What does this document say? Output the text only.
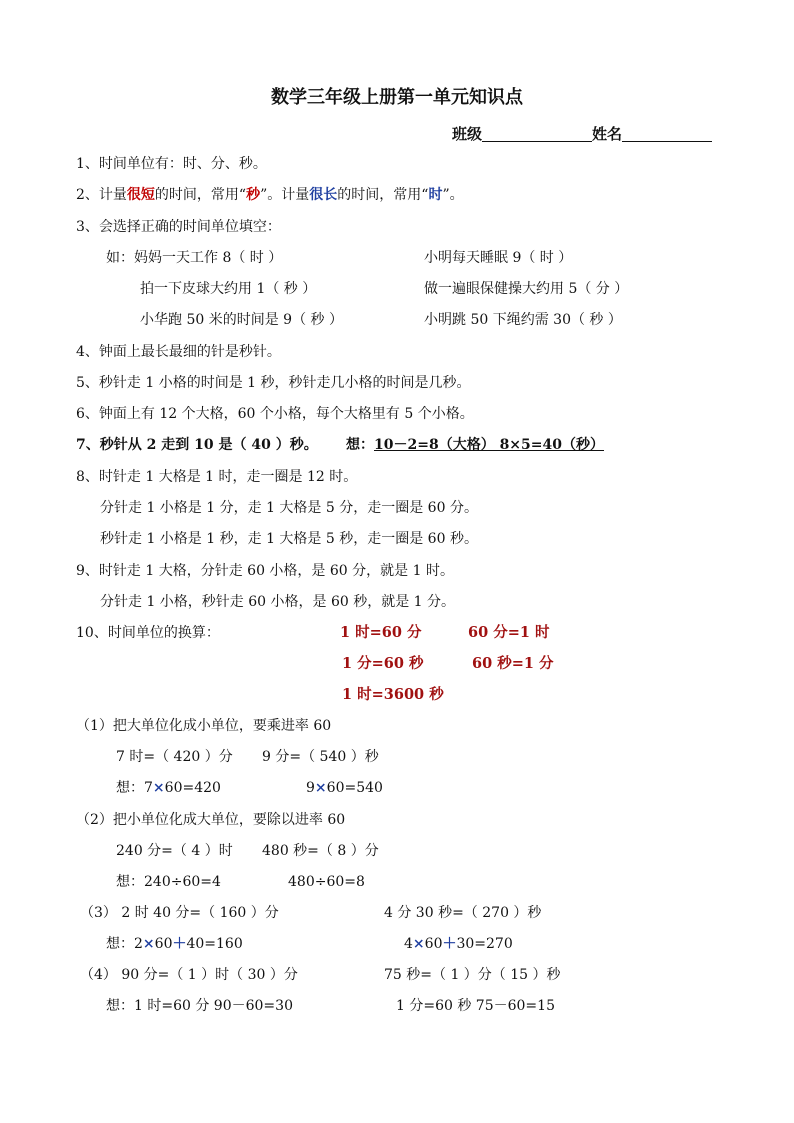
数学三年级上册第一单元知识点
班级	姓名
1、时间单位有：时、分、秒。
2、计量很短的时间，常用“秒”。计量很长的时间，常用“时”。
3、会选择正确的时间单位填空：
如：妈妈一天工作 8（ 时 ）	小明每天睡眠 9（ 时 ）
拍一下皮球大约用 1（ 秒 ）	做一遍眼保健操大约用 5（ 分 ）
小华跑 50 米的时间是 9（ 秒 ）	小明跳 50 下绳约需 30（ 秒 ）
4、钟面上最长最细的针是秒针。
5、秒针走 1 小格的时间是 1 秒，秒针走几小格的时间是几秒。
6、钟面上有 12 个大格，60 个小格，每个大格里有 5 个小格。
7、秒针从 2 走到 10 是（ 40 ）秒。 想：10－2=8（大格） 8×5=40（秒）
8、时针走 1 大格是 1 时，走一圈是 12 时。
分针走 1 小格是 1 分，走 1 大格是 5 分，走一圈是 60 分。
秒针走 1 小格是 1 秒，走 1 大格是 5 秒，走一圈是 60 秒。
9、时针走 1 大格，分针走 60 小格，是 60 分，就是 1 时。
分针走 1 小格，秒针走 60 小格，是 60 秒，就是 1 分。
10、时间单位的换算：	1 时=60 分	60 分=1 时
1 分=60 秒	60 秒=1 分
1 时=3600 秒
（1）把大单位化成小单位，要乘进率 60
7 时=（ 420 ）分 9 分=（ 540 ）秒
想：7×60=420	9×60=540
（2）把小单位化成大单位，要除以进率 60
240 分=（ 4 ）时 480 秒=（ 8 ）分
想：240÷60=4	480÷60=8
（3） 2 时 40 分=（ 160 ）分	4 分 30 秒=（ 270 ）秒
想：2×60＋40=160	4×60＋30=270
（4） 90 分=（ 1 ）时（ 30 ）分	75 秒=（ 1 ）分（ 15 ）秒
想：1 时=60 分 90－60=30	1 分=60 秒 75－60=15
